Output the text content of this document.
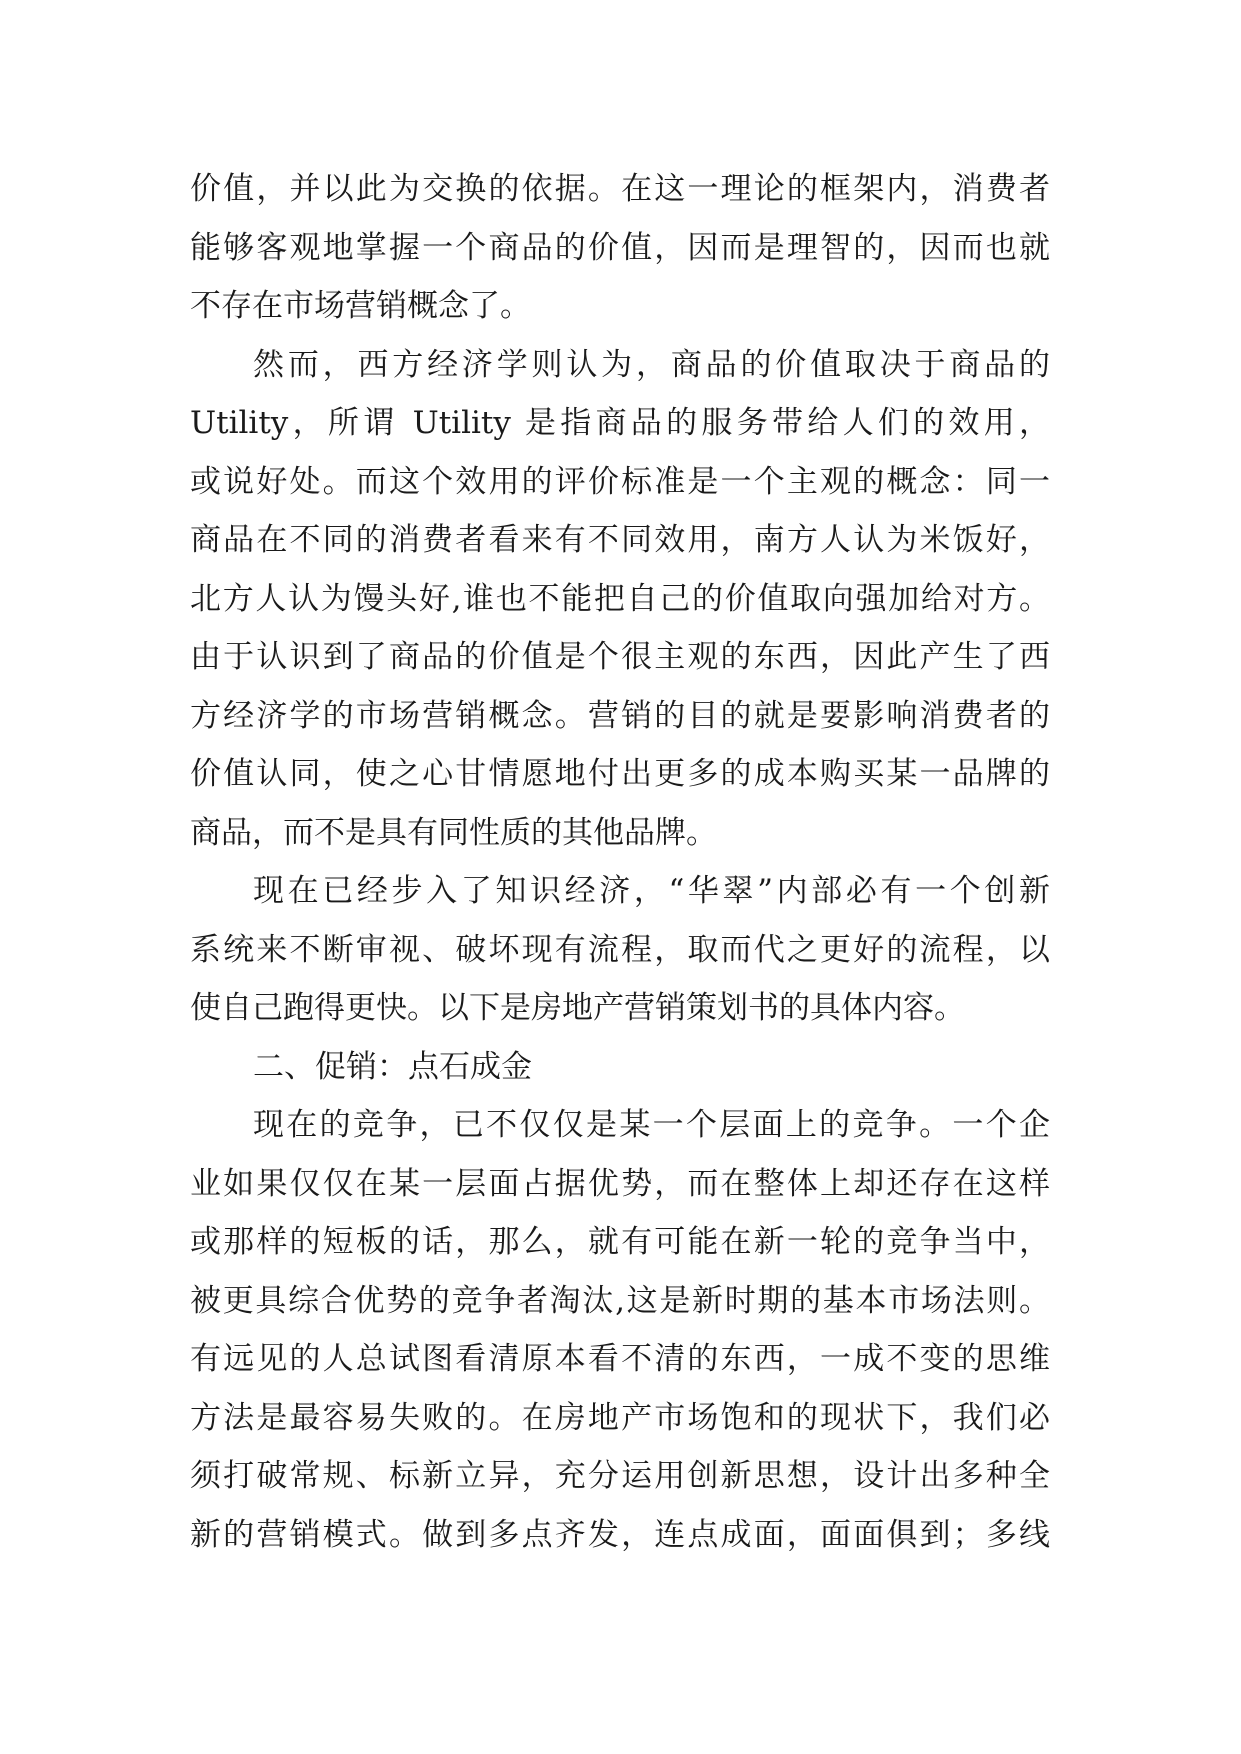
价值，并以此为交换的依据。在这一理论的框架内，消费者
能够客观地掌握一个商品的价值，因而是理智的，因而也就
不存在市场营销概念了。
然而，西方经济学则认为，商品的价值取决于商品的
Utility，所谓 Utility 是指商品的服务带给人们的效用，
或说好处。而这个效用的评价标准是一个主观的概念：同一
商品在不同的消费者看来有不同效用，南方人认为米饭好，
北方人认为馒头好,谁也不能把自己的价值取向强加给对方。
由于认识到了商品的价值是个很主观的东西，因此产生了西
方经济学的市场营销概念。营销的目的就是要影响消费者的
价值认同，使之心甘情愿地付出更多的成本购买某一品牌的
商品，而不是具有同性质的其他品牌。
现在已经步入了知识经济，“华翠”内部必有一个创新
系统来不断审视、破坏现有流程，取而代之更好的流程，以
使自己跑得更快。以下是房地产营销策划书的具体内容。
二、促销：点石成金
现在的竞争，已不仅仅是某一个层面上的竞争。一个企
业如果仅仅在某一层面占据优势，而在整体上却还存在这样
或那样的短板的话，那么，就有可能在新一轮的竞争当中，
被更具综合优势的竞争者淘汰,这是新时期的基本市场法则。
有远见的人总试图看清原本看不清的东西，一成不变的思维
方法是最容易失败的。在房地产市场饱和的现状下，我们必
须打破常规、标新立异，充分运用创新思想，设计出多种全
新的营销模式。做到多点齐发，连点成面，面面俱到；多线
